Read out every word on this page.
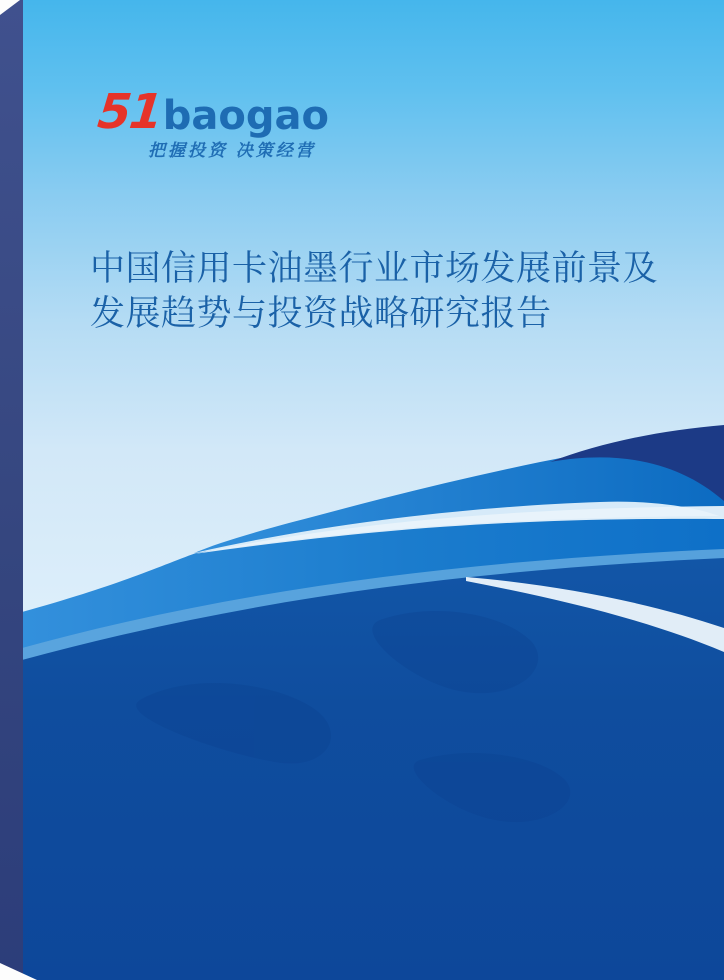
51 baogao
把握投资 决策经营
中国信用卡油墨行业市场发展前景及
发展趋势与投资战略研究报告
